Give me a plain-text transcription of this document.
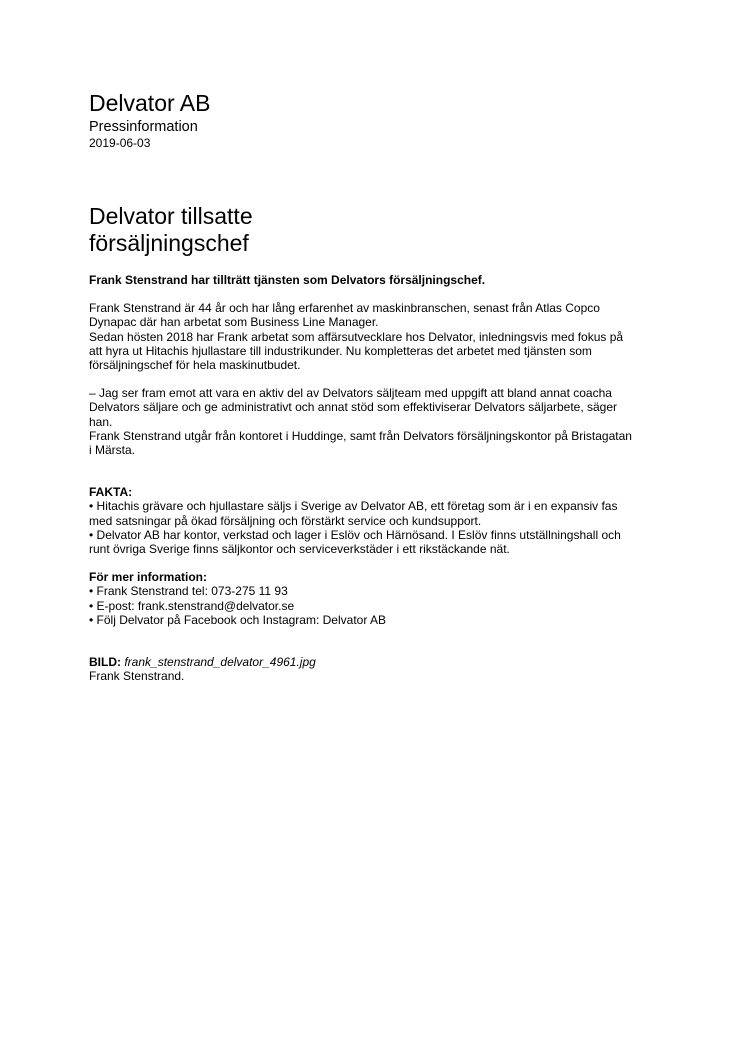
Delvator AB
Pressinformation
2019-06-03
Delvator tillsatte
försäljningschef
Frank Stenstrand har tillträtt tjänsten som Delvators försäljningschef.
Frank Stenstrand är 44 år och har lång erfarenhet av maskinbranschen, senast från Atlas Copco
Dynapac där han arbetat som Business Line Manager.
Sedan hösten 2018 har Frank arbetat som affärsutvecklare hos Delvator, inledningsvis med fokus på
att hyra ut Hitachis hjullastare till industrikunder. Nu kompletteras det arbetet med tjänsten som
försäljningschef för hela maskinutbudet.
– Jag ser fram emot att vara en aktiv del av Delvators säljteam med uppgift att bland annat coacha
Delvators säljare och ge administrativt och annat stöd som effektiviserar Delvators säljarbete, säger
han.
Frank Stenstrand utgår från kontoret i Huddinge, samt från Delvators försäljningskontor på Bristagatan
i Märsta.
FAKTA:
• Hitachis grävare och hjullastare säljs i Sverige av Delvator AB, ett företag som är i en expansiv fas
med satsningar på ökad försäljning och förstärkt service och kundsupport.
• Delvator AB har kontor, verkstad och lager i Eslöv och Härnösand. I Eslöv finns utställningshall och
runt övriga Sverige finns säljkontor och serviceverkstäder i ett rikstäckande nät.
För mer information:
• Frank Stenstrand tel: 073-275 11 93
• E-post: frank.stenstrand@delvator.se
• Följ Delvator på Facebook och Instagram: Delvator AB
BILD: frank_stenstrand_delvator_4961.jpg
Frank Stenstrand.
